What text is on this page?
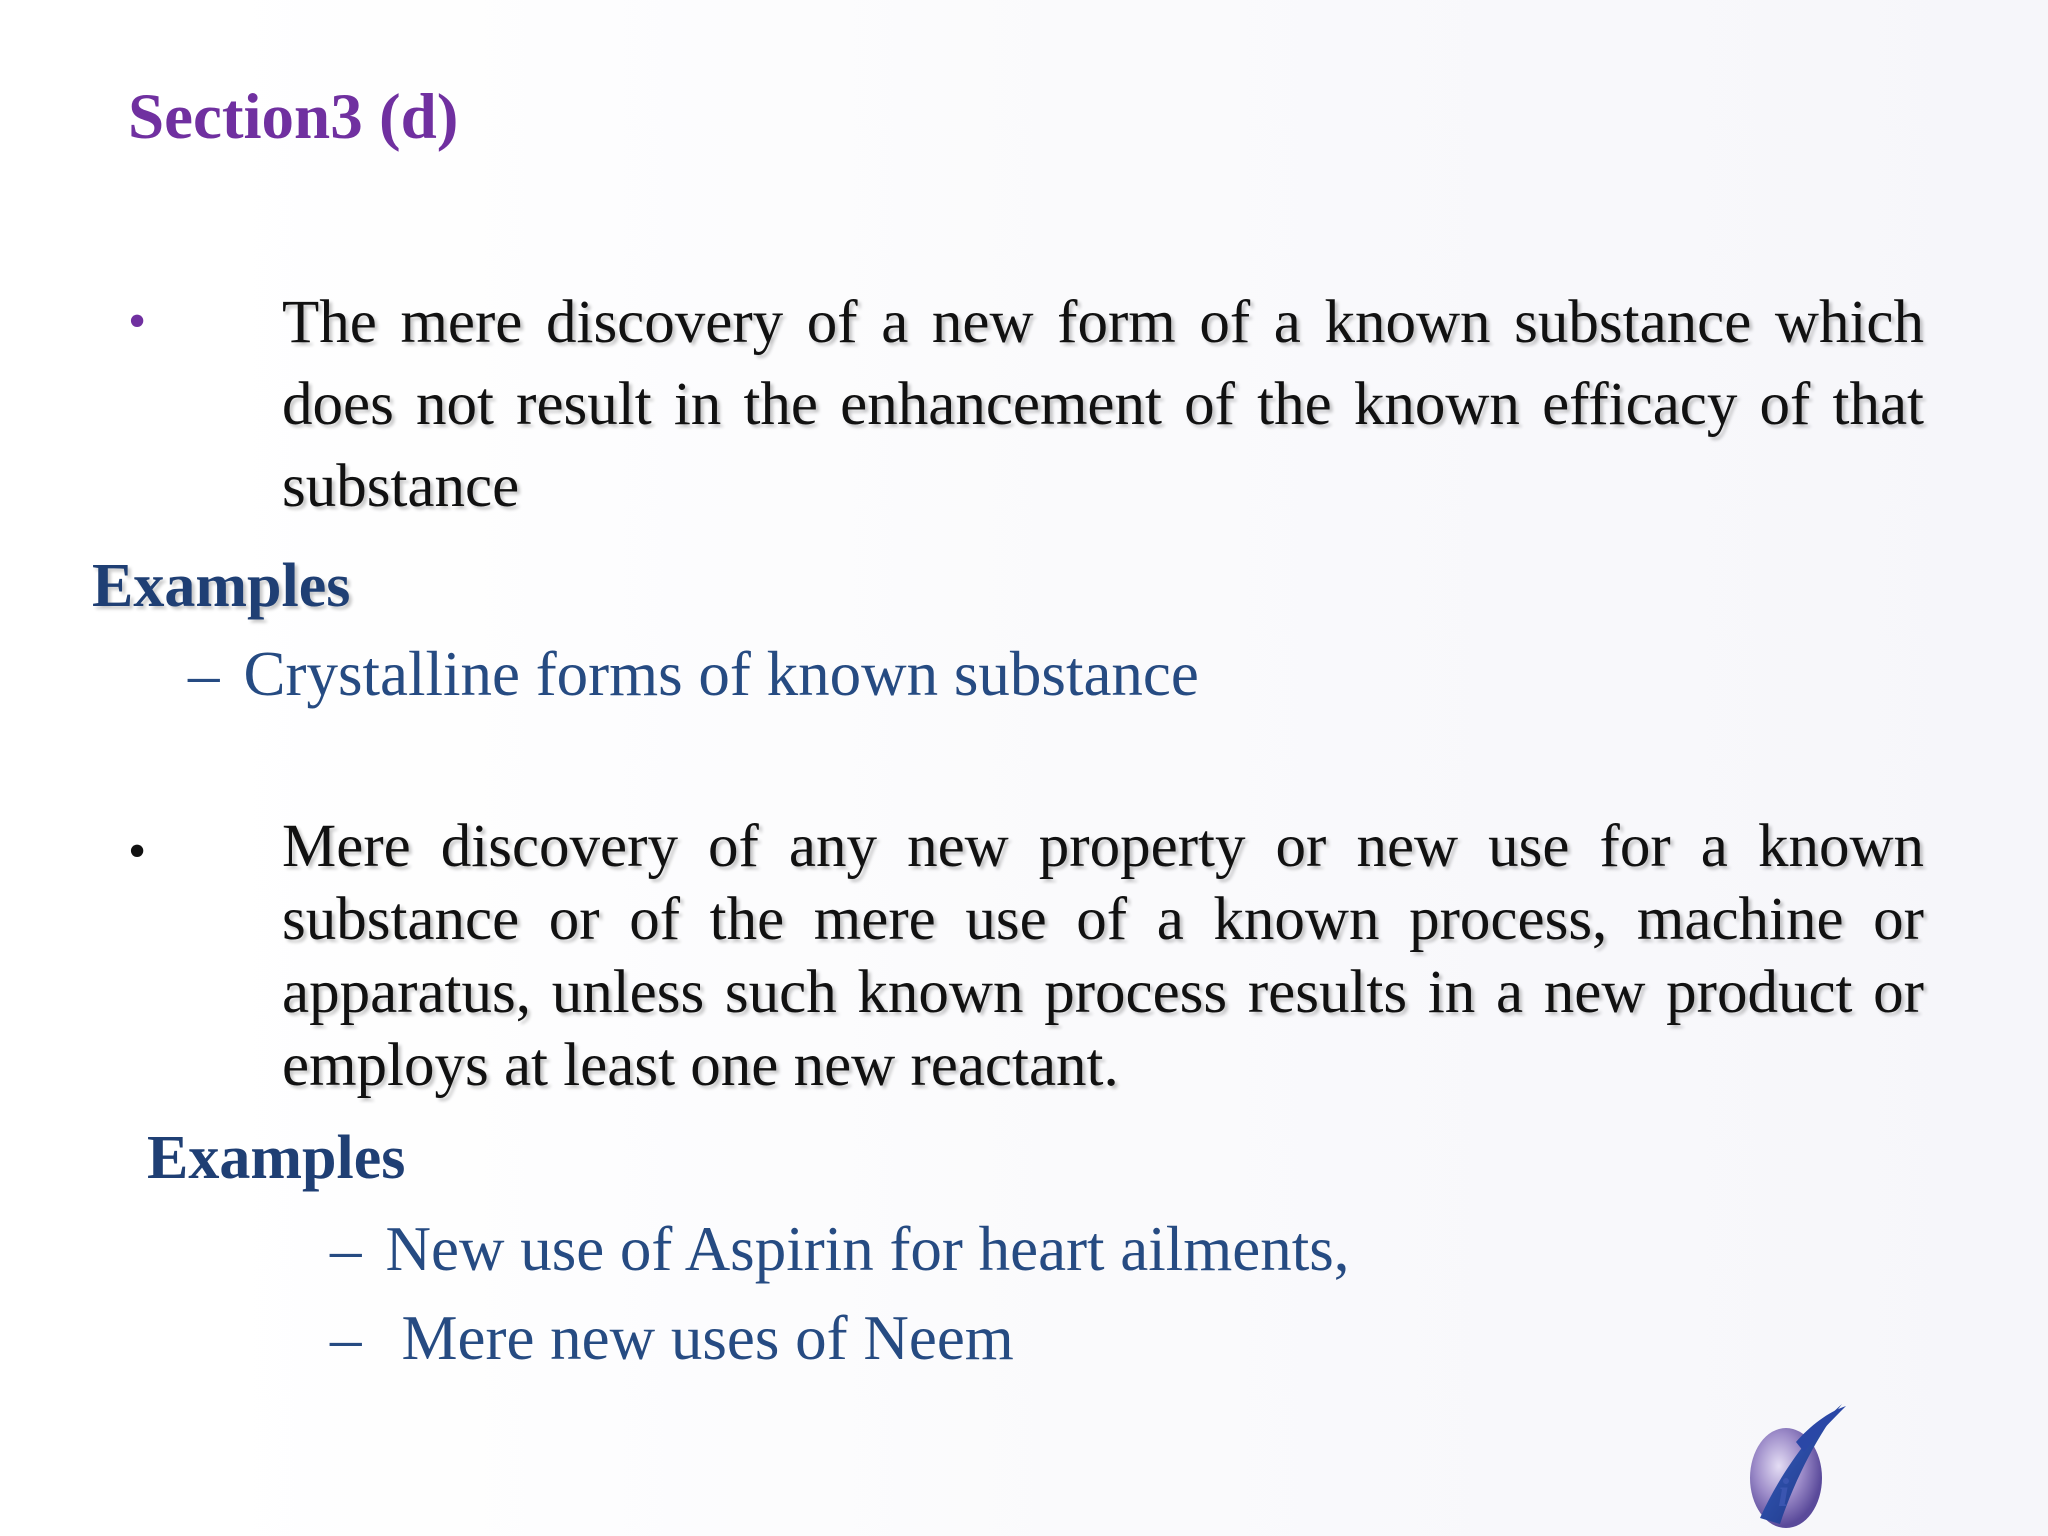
Section3 (d)
• The mere discovery of a new form of a known substance which does not result in the enhancement of the known efficacy of that substance

Examples
– Crystalline forms of known substance
• Mere discovery of any new property or new use for a known substance or of the mere use of a known process, machine or apparatus, unless such known process results in a new product or employs at least one new reactant.

Examples
– New use of Aspirin for heart ailments,
– Mere new uses of Neem
i
